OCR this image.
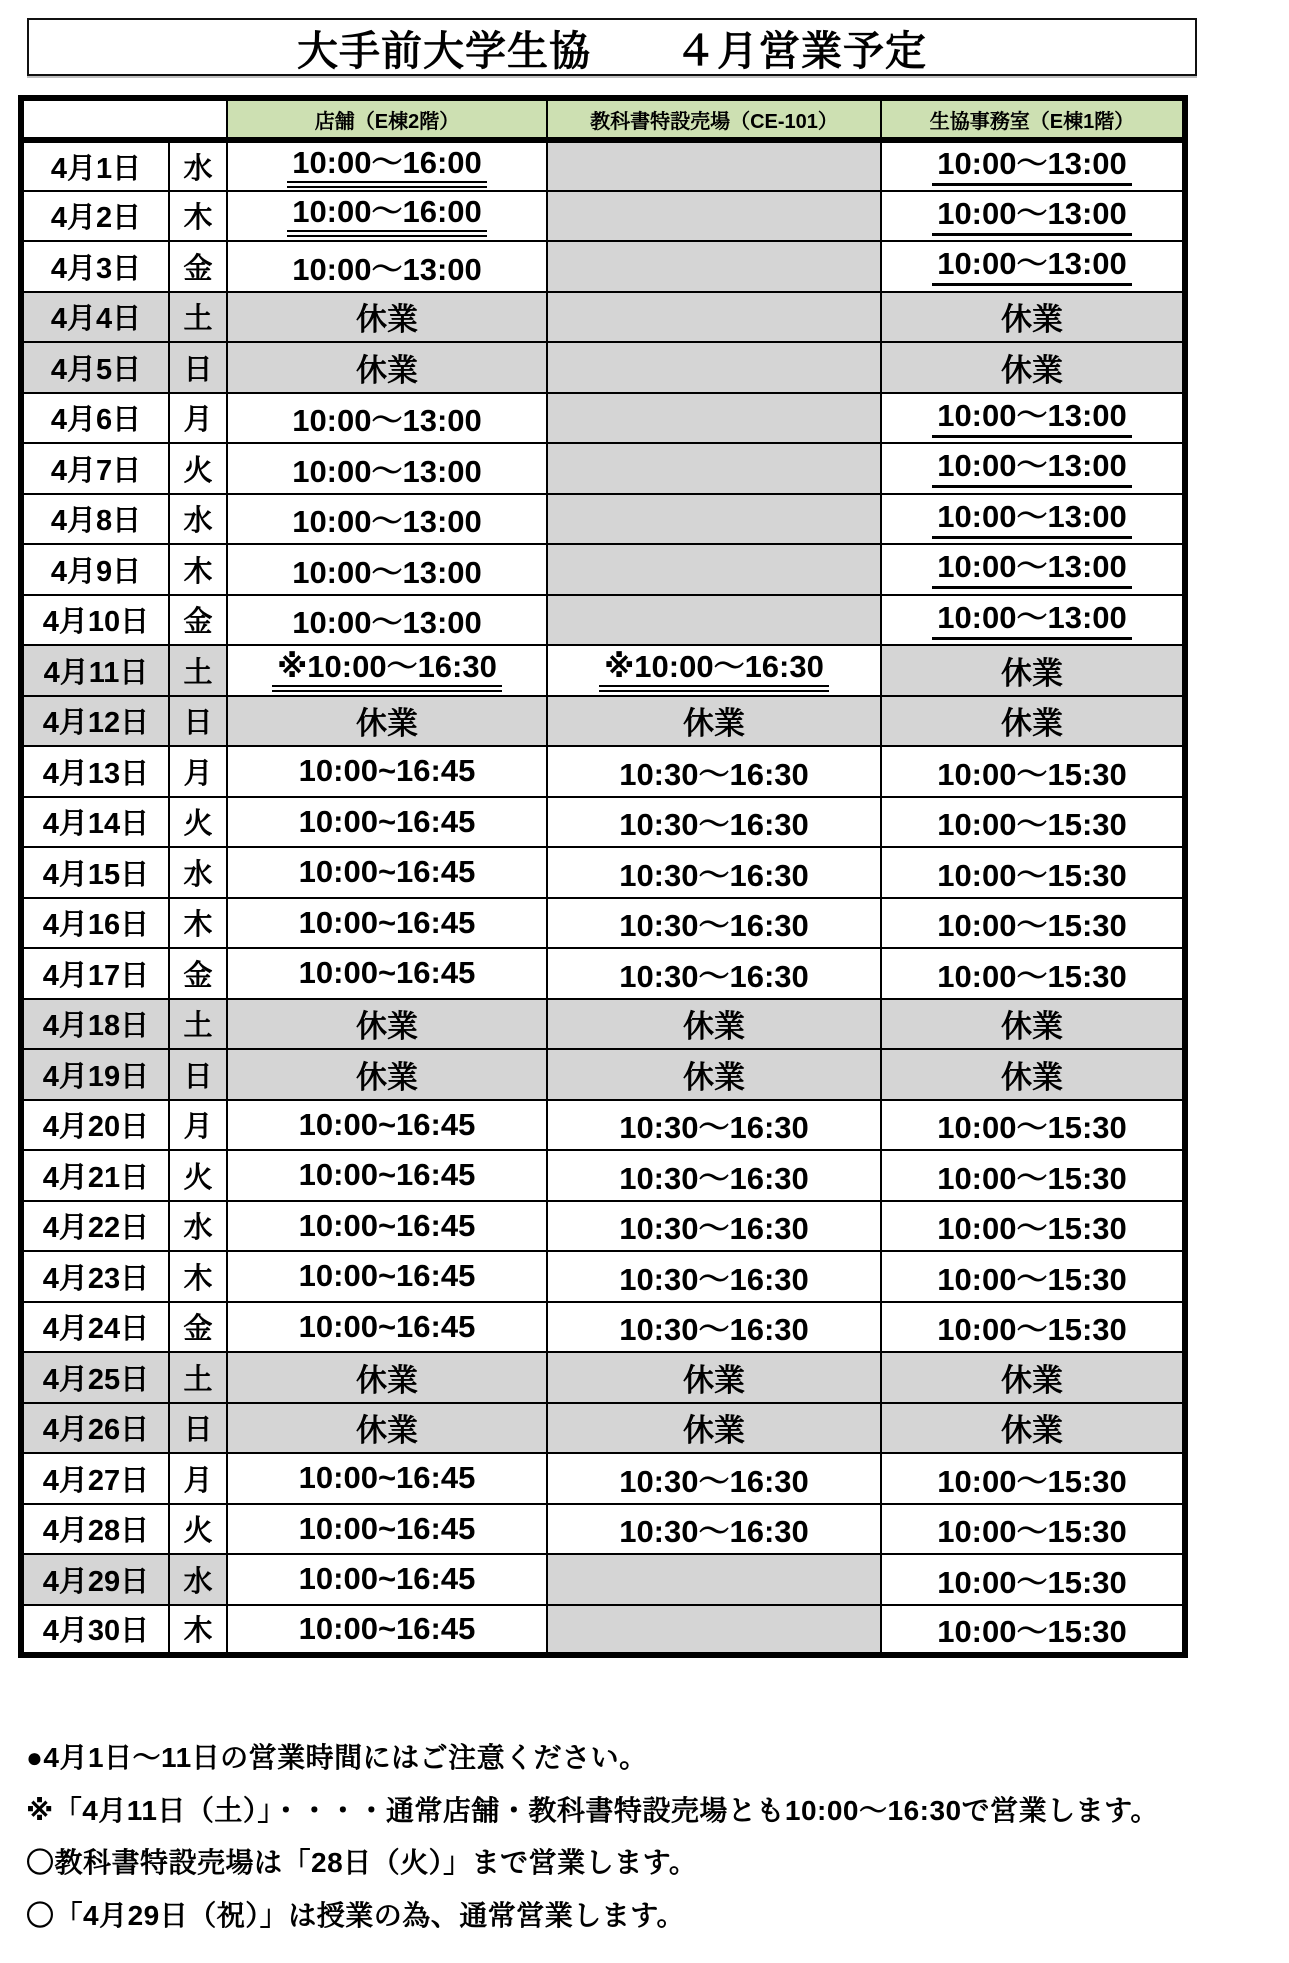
大手前大学生協　　４月営業予定
		店舗（E棟2階）	教科書特設売場（CE-101）	生協事務室（E棟1階）
4月1日	水	10:00～16:00		10:00～13:00
4月2日	木	10:00～16:00		10:00～13:00
4月3日	金	10:00～13:00		10:00～13:00
4月4日	土	休業		休業
4月5日	日	休業		休業
4月6日	月	10:00～13:00		10:00～13:00
4月7日	火	10:00～13:00		10:00～13:00
4月8日	水	10:00～13:00		10:00～13:00
4月9日	木	10:00～13:00		10:00～13:00
4月10日	金	10:00～13:00		10:00～13:00
4月11日	土	※10:00～16:30	※10:00～16:30	休業
4月12日	日	休業	休業	休業
4月13日	月	10:00~16:45	10:30～16:30	10:00～15:30
4月14日	火	10:00~16:45	10:30～16:30	10:00～15:30
4月15日	水	10:00~16:45	10:30～16:30	10:00～15:30
4月16日	木	10:00~16:45	10:30～16:30	10:00～15:30
4月17日	金	10:00~16:45	10:30～16:30	10:00～15:30
4月18日	土	休業	休業	休業
4月19日	日	休業	休業	休業
4月20日	月	10:00~16:45	10:30～16:30	10:00～15:30
4月21日	火	10:00~16:45	10:30～16:30	10:00～15:30
4月22日	水	10:00~16:45	10:30～16:30	10:00～15:30
4月23日	木	10:00~16:45	10:30～16:30	10:00～15:30
4月24日	金	10:00~16:45	10:30～16:30	10:00～15:30
4月25日	土	休業	休業	休業
4月26日	日	休業	休業	休業
4月27日	月	10:00~16:45	10:30～16:30	10:00～15:30
4月28日	火	10:00~16:45	10:30～16:30	10:00～15:30
4月29日	水	10:00~16:45		10:00～15:30
4月30日	木	10:00~16:45		10:00～15:30
●4月1日～11日の営業時間にはご注意ください。
※「4月11日（土）」・・・・通常店舗・教科書特設売場とも10:00～16:30で営業します。
〇教科書特設売場は「28日（火）」まで営業します。
〇「4月29日（祝）」は授業の為、通常営業します。
